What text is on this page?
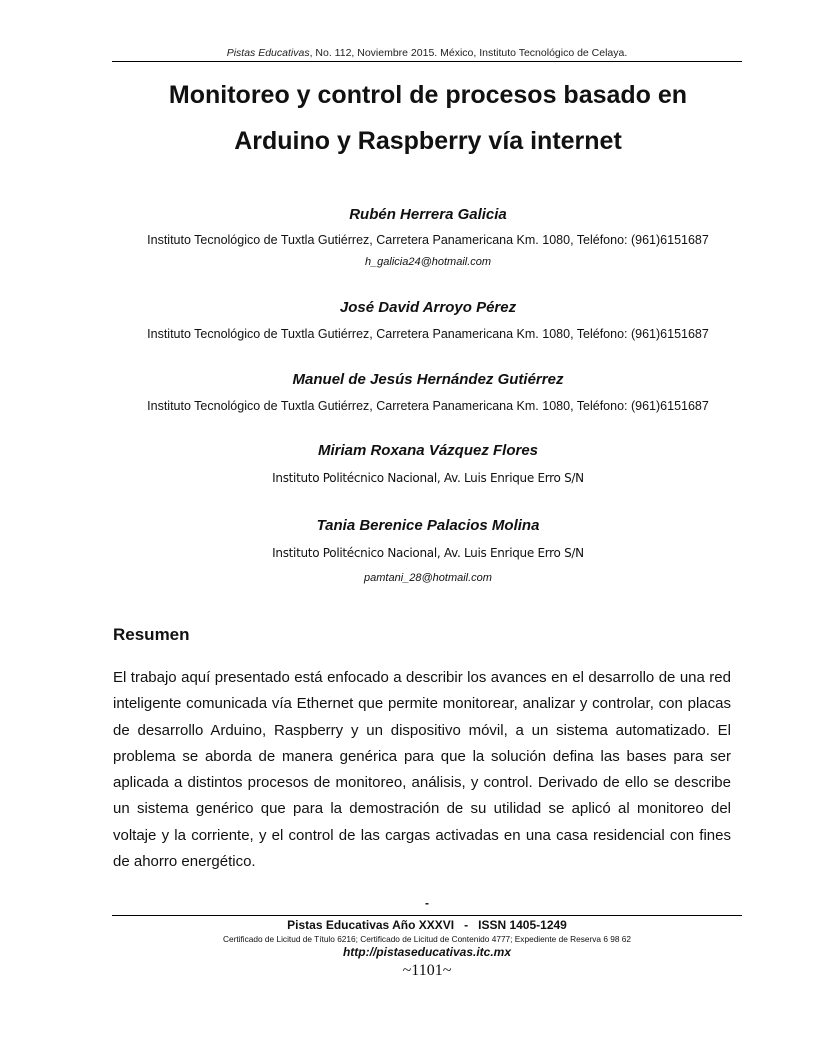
Pistas Educativas, No. 112, Noviembre 2015. México, Instituto Tecnológico de Celaya.
Monitoreo y control de procesos basado en
Arduino y Raspberry vía internet
Rubén Herrera Galicia
Instituto Tecnológico de Tuxtla Gutiérrez, Carretera Panamericana Km. 1080, Teléfono: (961)6151687
h_galicia24@hotmail.com
José David Arroyo Pérez
Instituto Tecnológico de Tuxtla Gutiérrez, Carretera Panamericana Km. 1080, Teléfono: (961)6151687
Manuel de Jesús Hernández Gutiérrez
Instituto Tecnológico de Tuxtla Gutiérrez, Carretera Panamericana Km. 1080, Teléfono: (961)6151687
Miriam Roxana Vázquez Flores
Instituto Politécnico Nacional, Av. Luis Enrique Erro S/N
Tania Berenice Palacios Molina
Instituto Politécnico Nacional, Av. Luis Enrique Erro S/N
pamtani_28@hotmail.com
Resumen
El trabajo aquí presentado está enfocado a describir los avances en el desarrollo de una red inteligente comunicada vía Ethernet que permite monitorear, analizar y controlar, con placas de desarrollo Arduino, Raspberry y un dispositivo móvil, a un sistema automatizado. El problema se aborda de manera genérica para que la solución defina las bases para ser aplicada a distintos procesos de monitoreo, análisis, y control. Derivado de ello se describe un sistema genérico que para la demostración de su utilidad se aplicó al monitoreo del voltaje y la corriente, y el control de las cargas activadas en una casa residencial con fines de ahorro energético.
-
Pistas Educativas Año XXXVI   -   ISSN 1405-1249
Certificado de Licitud de Título 6216; Certificado de Licitud de Contenido 4777; Expediente de Reserva 6 98 62
http://pistaseducativas.itc.mx
~1101~
